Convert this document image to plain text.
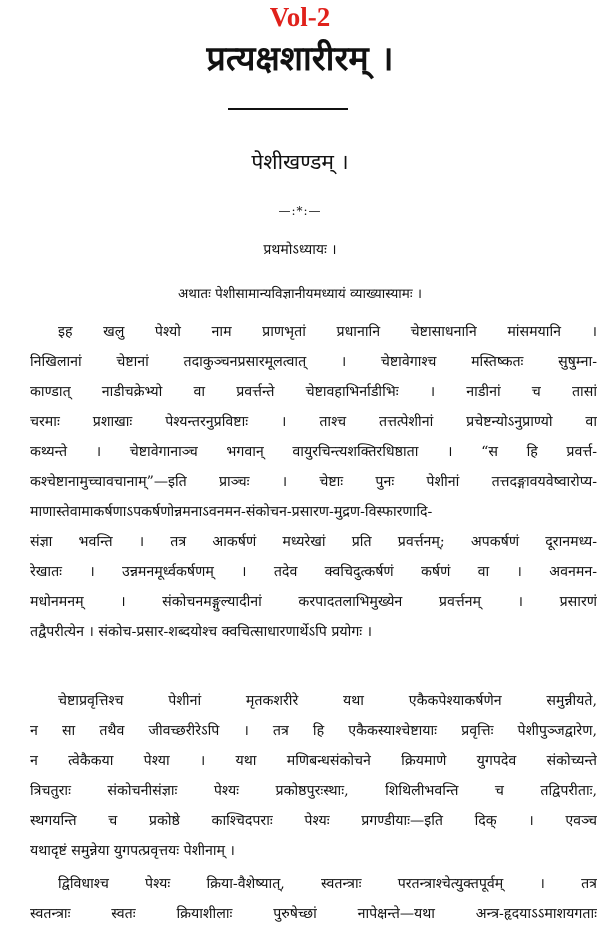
Vol-2
प्रत्यक्षशारीरम् ।
पेशीखण्डम् ।
—:*:—
प्रथमोऽध्यायः ।
अथातः पेशीसामान्यविज्ञानीयमध्यायं व्याख्यास्यामः ।
इह खलु पेश्यो नाम प्राणभृतां प्रधानानि चेष्टासाधनानि मांसमयानि ।
निखिलानां चेष्टानां तदाकुञ्चनप्रसारमूलत्वात् । चेष्टावेगाश्च मस्तिष्कतः सुषुम्ना-
काण्डात् नाडीचक्रेभ्यो वा प्रवर्त्तन्ते चेष्टावहाभिर्नाडीभिः । नाडीनां च तासां
चरमाः प्रशाखाः पेश्यन्तरनुप्रविष्टाः । ताश्च तत्तत्पेशीनां प्रचेष्टन्योऽनुप्राण्यो वा
कथ्यन्ते । चेष्टावेगानाञ्च भगवान् वायुरचिन्त्यशक्तिरधिष्ठाता । “स हि प्रवर्त्त-
कश्चेष्टानामुच्चावचानाम्”—इति प्राञ्चः । चेष्टाः पुनः पेशीनां तत्तदङ्गावयवेष्वारोप्य-
माणास्तेवामाकर्षणाऽपकर्षणोन्नमनाऽवनमन-संकोचन-प्रसारण-मुद्रण-विस्फारणादि-
संज्ञा भवन्ति । तत्र आकर्षणं मध्यरेखां प्रति प्रवर्त्तनम्; अपकर्षणं दूरानमध्य-
रेखातः । उन्नमनमूर्ध्वकर्षणम् । तदेव क्वचिदुत्कर्षणं कर्षणं वा । अवनमन-
मधोनमनम् । संकोचनमङ्गुल्यादीनां करपादतलाभिमुख्येन प्रवर्त्तनम् । प्रसारणं
तद्वैपरीत्येन । संकोच-प्रसार-शब्दयोश्च क्वचित्साधारणार्थेऽपि प्रयोगः ।
चेष्टाप्रवृत्तिश्च पेशीनां मृतकशरीरे यथा एकैकपेश्याकर्षणेन समुन्नीयते,
न सा तथैव जीवच्छरीरेऽपि । तत्र हि एकैकस्याश्चेष्टायाः प्रवृत्तिः पेशीपुञ्जद्वारेण,
न त्वेकैकया पेश्या । यथा मणिबन्धसंकोचने क्रियमाणे युगपदेव संकोच्यन्ते
त्रिचतुराः संकोचनीसंज्ञाः पेश्यः प्रकोष्ठपुरःस्थाः, शिथिलीभवन्ति च तद्विपरीताः,
स्थगयन्ति च प्रकोष्ठे काश्चिदपराः पेश्यः प्रगण्डीयाः—इति दिक् । एवञ्च
यथादृष्टं समुन्नेया युगपत्प्रवृत्तयः पेशीनाम् ।
द्विविधाश्च पेश्यः क्रिया-वैशेष्यात्, स्वतन्त्राः परतन्त्राश्चेत्युक्तपूर्वम् । तत्र
स्वतन्त्राः स्वतः क्रियाशीलाः पुरुषेच्छां नापेक्षन्ते—यथा अन्त्र-हृदयाऽऽमाशयगताः
